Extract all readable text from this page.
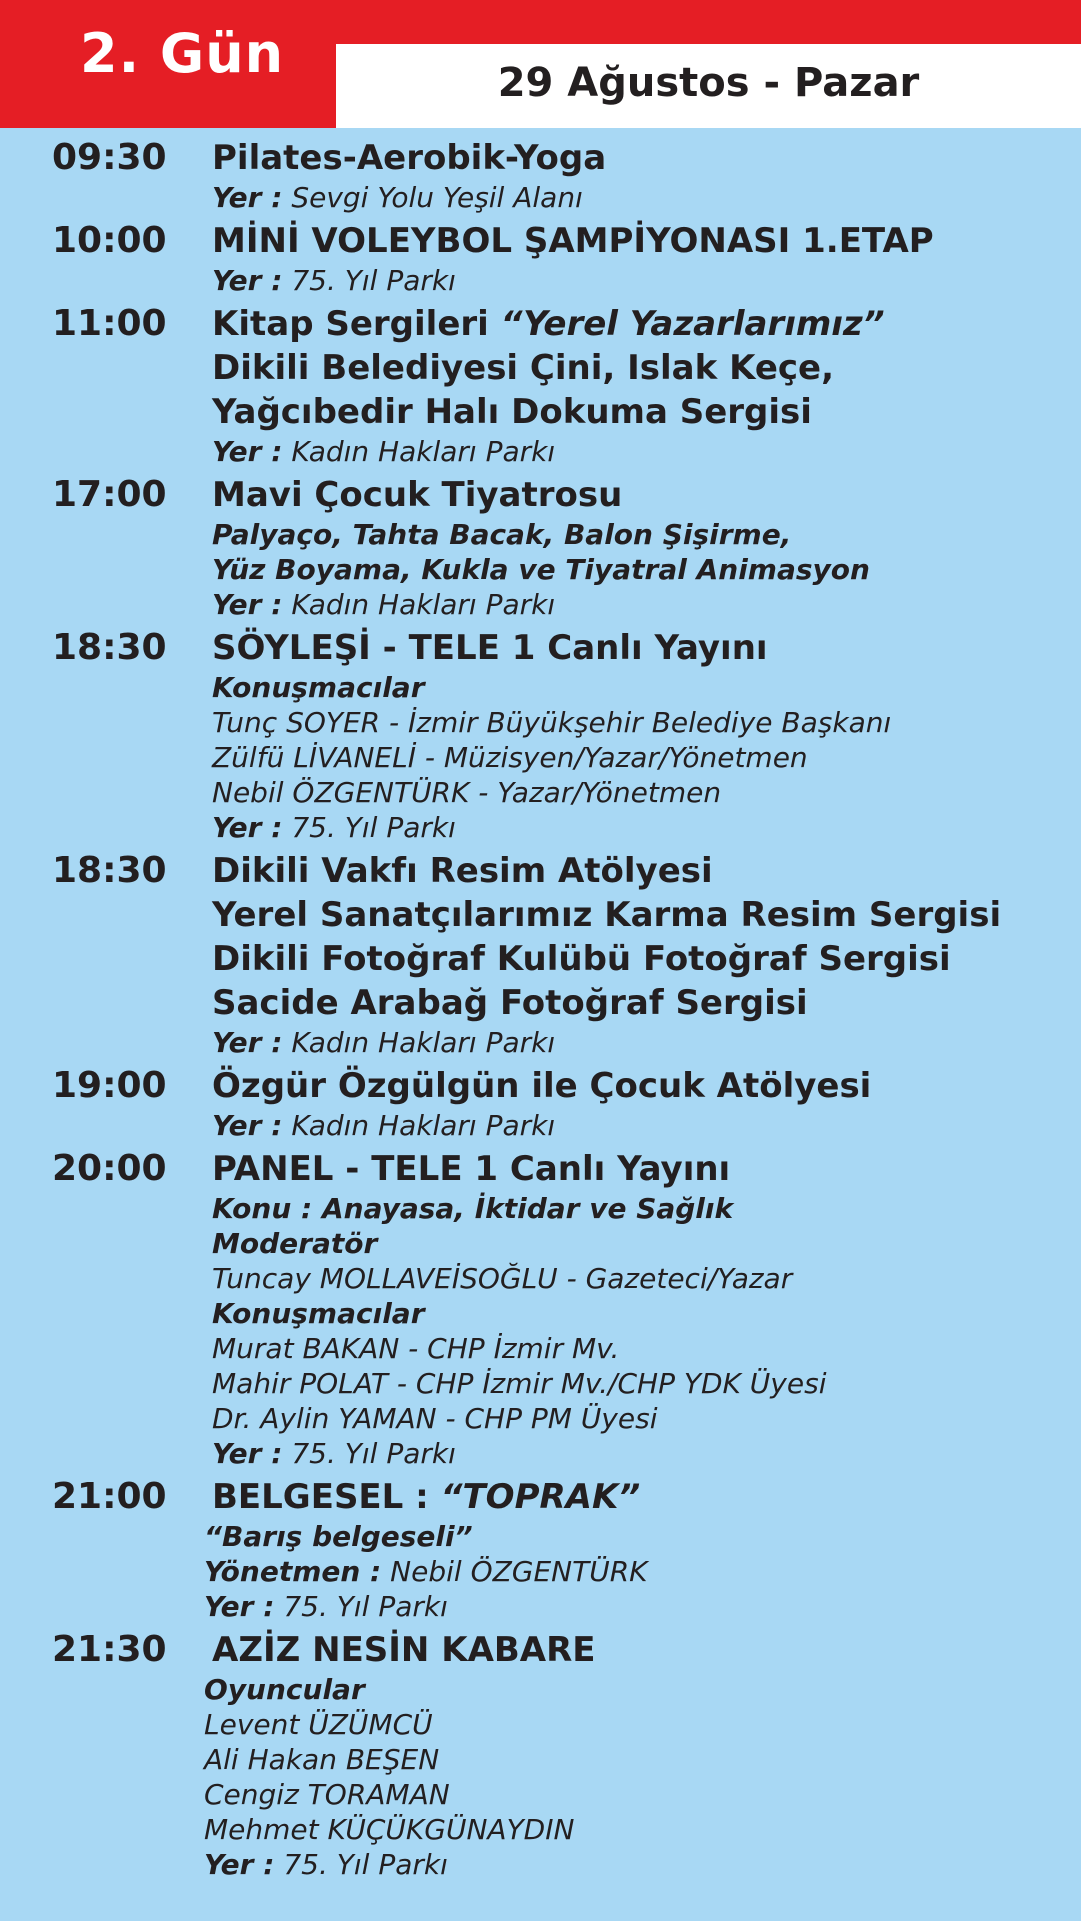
2. Gün	29 Ağustos - Pazar
09:30 Pilates-Aerobik-Yoga
Yer : Sevgi Yolu Yeşil Alanı
10:00 MİNİ VOLEYBOL ŞAMPİYONASI 1.ETAP
Yer : 75. Yıl Parkı
11:00 Kitap Sergileri “Yerel Yazarlarımız”
Dikili Belediyesi Çini, Islak Keçe,
Yağcıbedir Halı Dokuma Sergisi
Yer : Kadın Hakları Parkı
17:00 Mavi Çocuk Tiyatrosu
Palyaço, Tahta Bacak, Balon Şişirme,
Yüz Boyama, Kukla ve Tiyatral Animasyon
Yer : Kadın Hakları Parkı
18:30 SÖYLEŞİ - TELE 1 Canlı Yayını
Konuşmacılar
Tunç SOYER - İzmir Büyükşehir Belediye Başkanı
Zülfü LİVANELİ - Müzisyen/Yazar/Yönetmen
Nebil ÖZGENTÜRK - Yazar/Yönetmen
Yer : 75. Yıl Parkı
18:30 Dikili Vakfı Resim Atölyesi
Yerel Sanatçılarımız Karma Resim Sergisi
Dikili Fotoğraf Kulübü Fotoğraf Sergisi
Sacide Arabağ Fotoğraf Sergisi
Yer : Kadın Hakları Parkı
19:00 Özgür Özgülgün ile Çocuk Atölyesi
Yer : Kadın Hakları Parkı
20:00 PANEL - TELE 1 Canlı Yayını
Konu : Anayasa, İktidar ve Sağlık
Moderatör
Tuncay MOLLAVEİSOĞLU - Gazeteci/Yazar
Konuşmacılar
Murat BAKAN - CHP İzmir Mv.
Mahir POLAT - CHP İzmir Mv./CHP YDK Üyesi
Dr. Aylin YAMAN - CHP PM Üyesi
Yer : 75. Yıl Parkı
21:00 BELGESEL : “TOPRAK”
“Barış belgeseli”
Yönetmen : Nebil ÖZGENTÜRK
Yer : 75. Yıl Parkı
21:30 AZİZ NESİN KABARE
Oyuncular
Levent ÜZÜMCÜ
Ali Hakan BEŞEN
Cengiz TORAMAN
Mehmet KÜÇÜKGÜNAYDIN
Yer : 75. Yıl Parkı
